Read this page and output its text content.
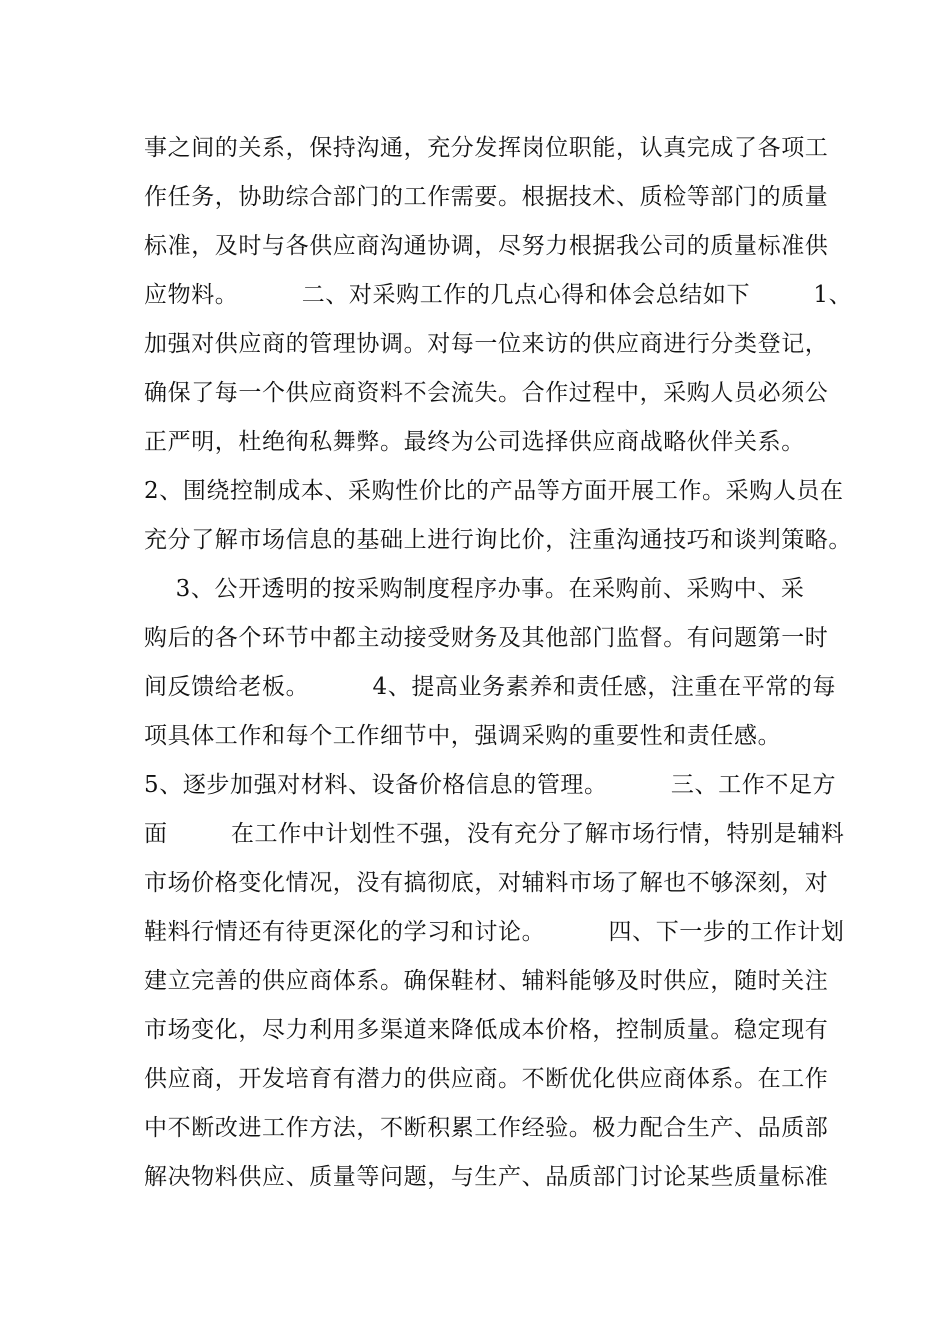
事之间的关系，保持沟通，充分发挥岗位职能，认真完成了各项工
作任务，协助综合部门的工作需要。根据技术、质检等部门的质量
标准，及时与各供应商沟通协调，尽努力根据我公司的质量标准供
应物料。        二、对采购工作的几点心得和体会总结如下        1、
加强对供应商的管理协调。对每一位来访的供应商进行分类登记，
确保了每一个供应商资料不会流失。合作过程中，采购人员必须公
正严明，杜绝徇私舞弊。最终为公司选择供应商战略伙伴关系。
2、围绕控制成本、采购性价比的产品等方面开展工作。采购人员在
充分了解市场信息的基础上进行询比价，注重沟通技巧和谈判策略。
3、公开透明的按采购制度程序办事。在采购前、采购中、采
购后的各个环节中都主动接受财务及其他部门监督。有问题第一时
间反馈给老板。        4、提高业务素养和责任感，注重在平常的每
项具体工作和每个工作细节中，强调采购的重要性和责任感。
5、逐步加强对材料、设备价格信息的管理。        三、工作不足方
面        在工作中计划性不强，没有充分了解市场行情，特别是辅料
市场价格变化情况，没有搞彻底，对辅料市场了解也不够深刻，对
鞋料行情还有待更深化的学习和讨论。        四、下一步的工作计划
建立完善的供应商体系。确保鞋材、辅料能够及时供应，随时关注
市场变化，尽力利用多渠道来降低成本价格，控制质量。稳定现有
供应商，开发培育有潜力的供应商。不断优化供应商体系。在工作
中不断改进工作方法，不断积累工作经验。极力配合生产、品质部
解决物料供应、质量等问题，与生产、品质部门讨论某些质量标准
